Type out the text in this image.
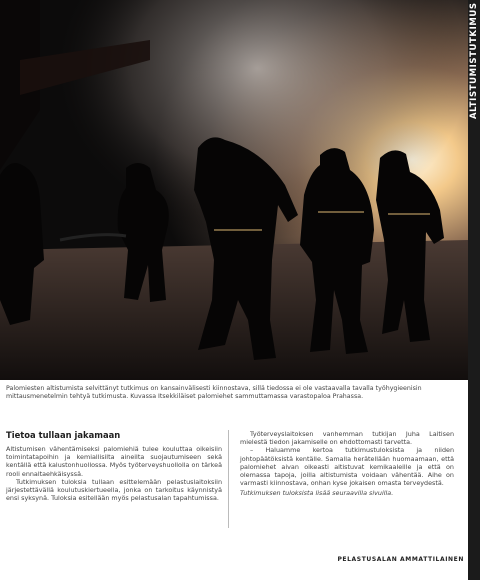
ALTISTUMISTUTKIMUS

Palomiesten altistumista selvittänyt tutkimus on kansainvälisesti kiinnostava, sillä tiedossa ei ole vastaavalla tavalla työhygieenisin mittausmenetelmin tehtyä tutkimusta. Kuvassa Itsekkiläiset palomiehet sammuttamassa varastopaloa Prahassa.

Tietoa tullaan jakamaan

Altistumisen vähentämiseksi palomiehiä tulee kouluttaa oikeisiin toimintatapoihin ja kemiallisilta aineilta suojautumiseen sekä kentällä että kalustonhuollossa. Myös työterveyshuollolla on tärkeä rooli ennaltaehkäisyssä.

Tutkimuksen tuloksia tullaan esittelemään pelastuslaitoksiin järjestettävällä koulutuskiertueella, jonka on tarkoitus käynnistyä ensi syksynä. Tuloksia esitellään myös pelastusalan tapahtumissa.

Työterveyslaitoksen vanhemman tutkijan Juha Laitisen mielestä tiedon jakamiselle on ehdottomasti tarvetta.

– Haluamme kertoa tutkimustuloksista ja niiden johtopäätöksistä kentälle. Samalla herätellään huomaamaan, että palomiehet aivan oikeasti altistuvat kemikaaleille ja että on olemassa tapoja, joilla altistumista voidaan vähentää. Aihe on varmasti kiinnostava, onhan kyse jokaisen omasta terveydestä.

Tutkimuksen tuloksista lisää seuraavilla sivuilla.

PELASTUSALAN AMMATTILAINEN
